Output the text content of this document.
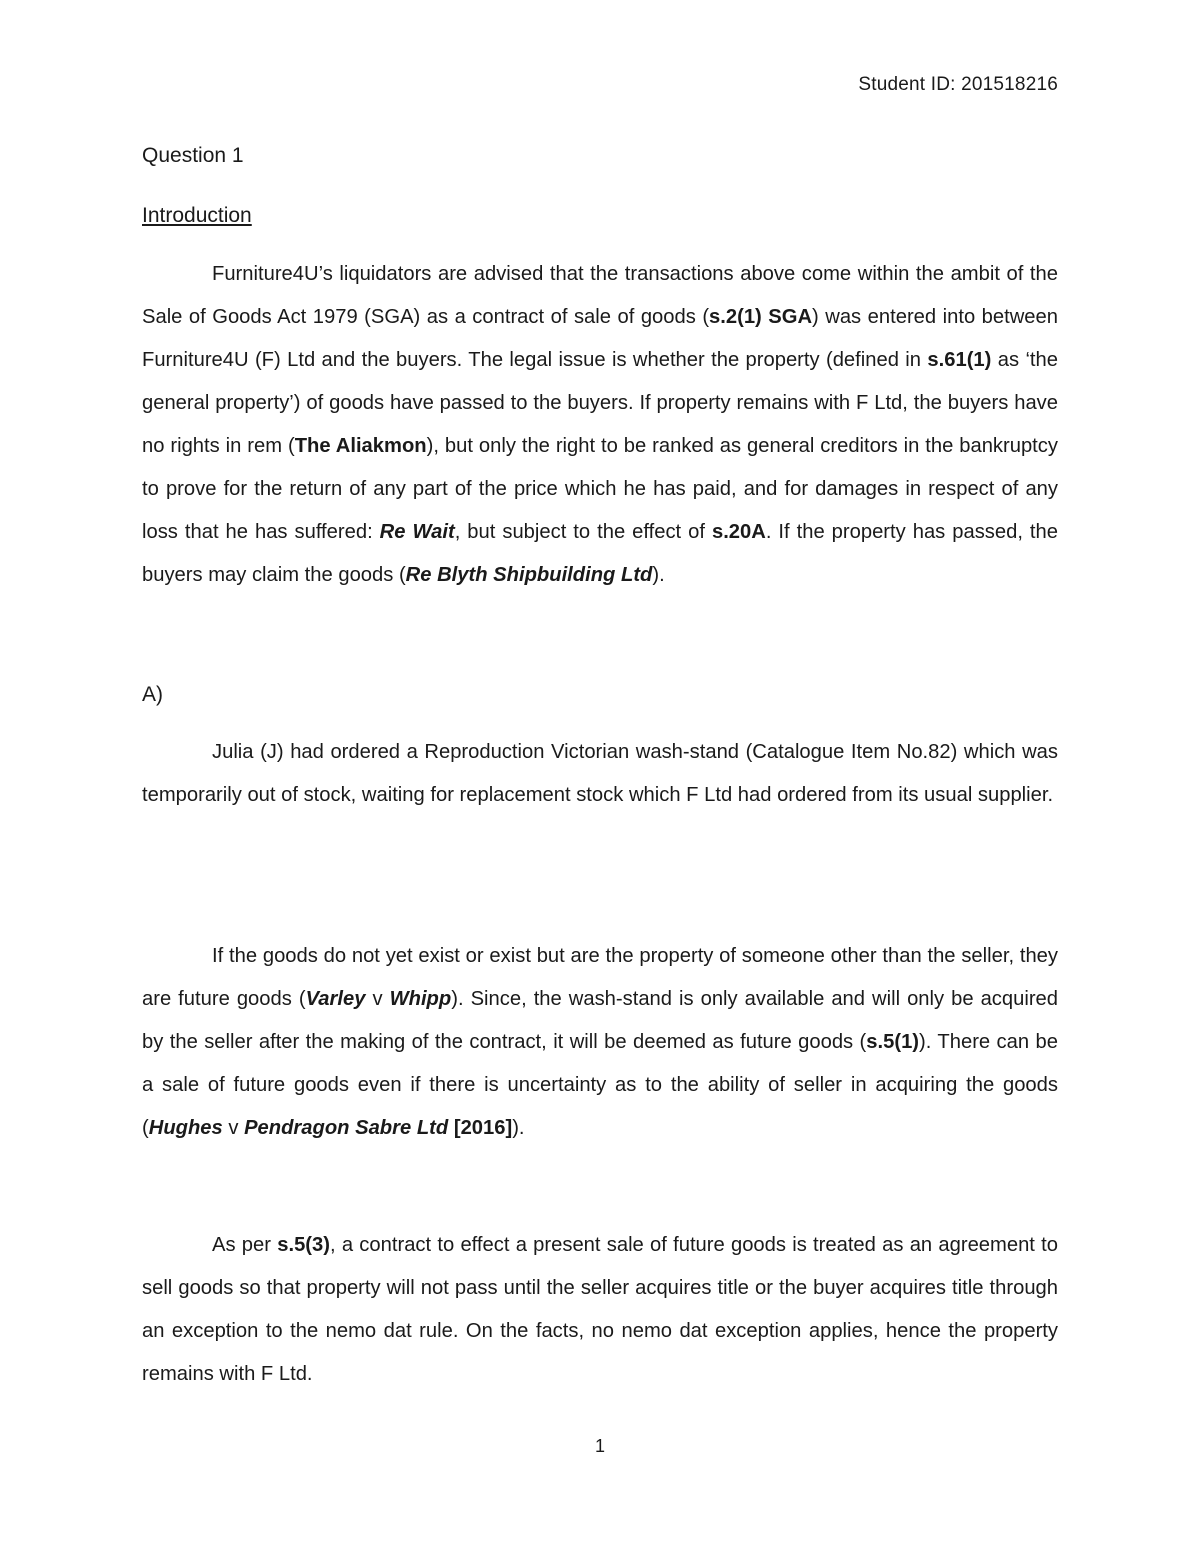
Student ID: 201518216
Question 1
Introduction

Furniture4U’s liquidators are advised that the transactions above come within the ambit of the Sale of Goods Act 1979 (SGA) as a contract of sale of goods (s.2(1) SGA) was entered into between Furniture4U (F) Ltd and the buyers. The legal issue is whether the property (defined in s.61(1) as ‘the general property’) of goods have passed to the buyers. If property remains with F Ltd, the buyers have no rights in rem (The Aliakmon), but only the right to be ranked as general creditors in the bankruptcy to prove for the return of any part of the price which he has paid, and for damages in respect of any loss that he has suffered: Re Wait, but subject to the effect of s.20A. If the property has passed, the buyers may claim the goods (Re Blyth Shipbuilding Ltd).

A)

Julia (J) had ordered a Reproduction Victorian wash-stand (Catalogue Item No.82) which was temporarily out of stock, waiting for replacement stock which F Ltd had ordered from its usual supplier.

If the goods do not yet exist or exist but are the property of someone other than the seller, they are future goods (Varley v Whipp). Since, the wash-stand is only available and will only be acquired by the seller after the making of the contract, it will be deemed as future goods (s.5(1)). There can be a sale of future goods even if there is uncertainty as to the ability of seller in acquiring the goods (Hughes v Pendragon Sabre Ltd [2016]).

As per s.5(3), a contract to effect a present sale of future goods is treated as an agreement to sell goods so that property will not pass until the seller acquires title or the buyer acquires title through an exception to the nemo dat rule. On the facts, no nemo dat exception applies, hence the property remains with F Ltd.

1
